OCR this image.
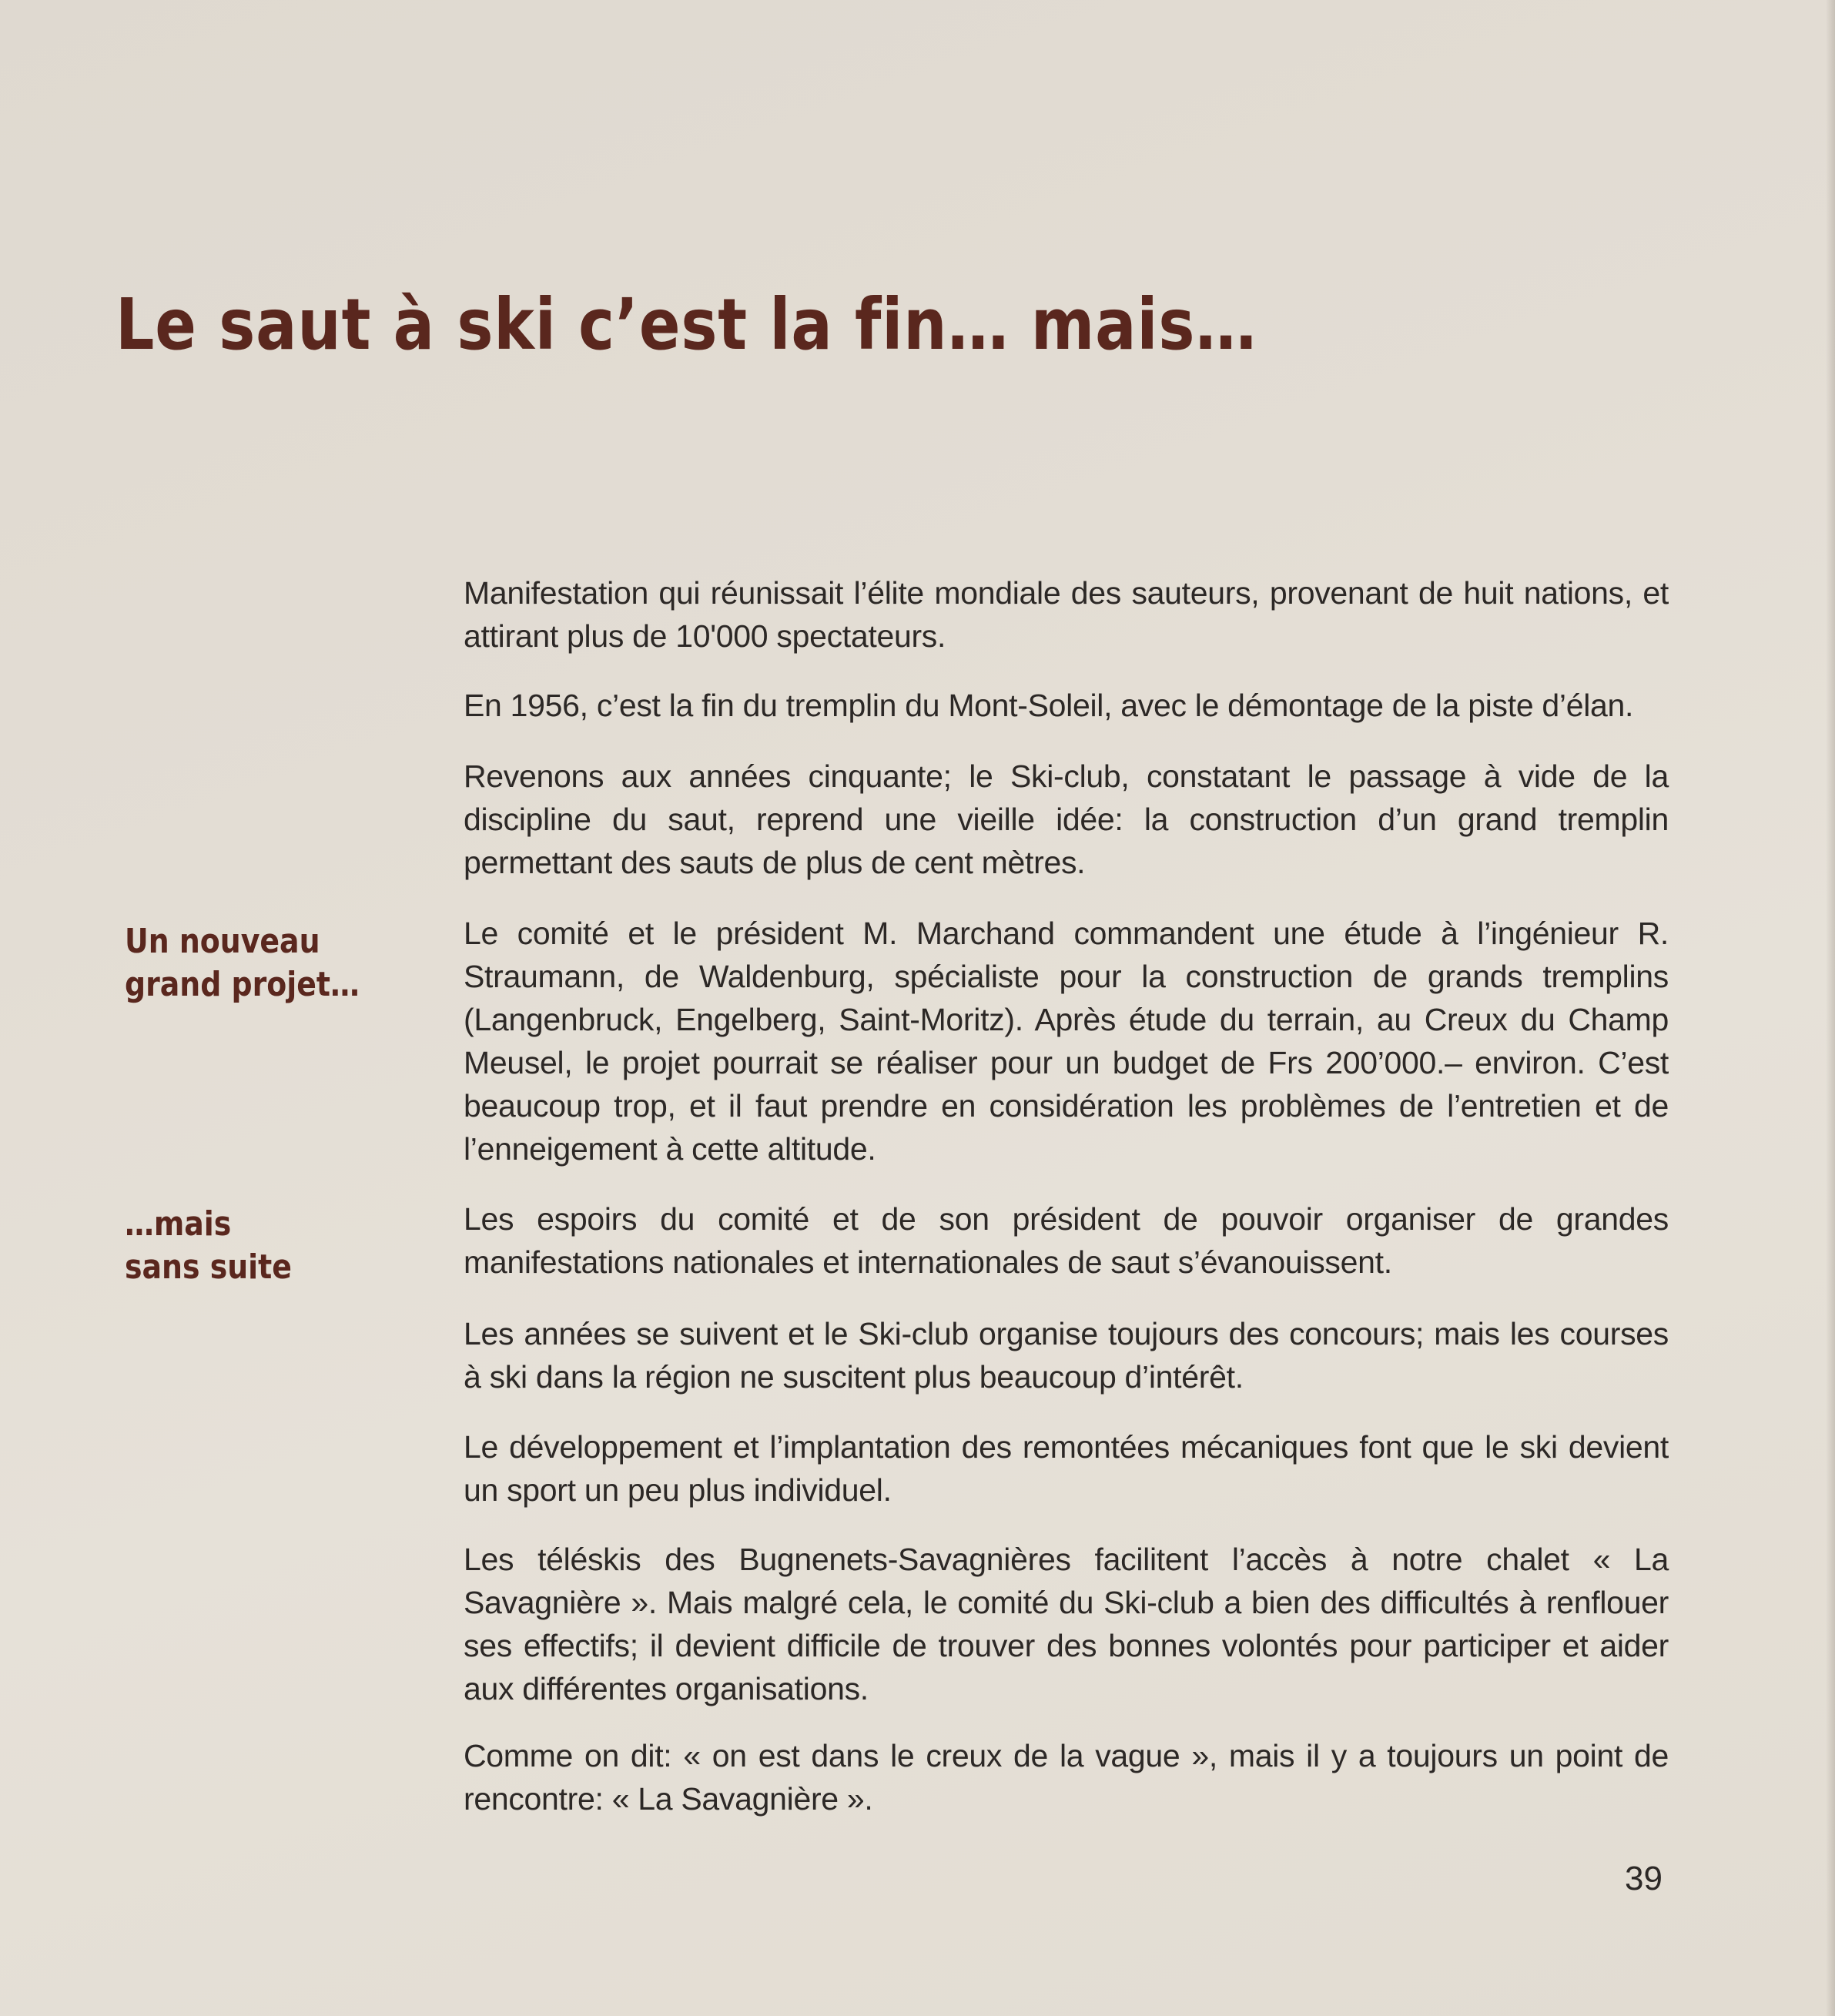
Le saut à ski c’est la fin… mais…
Un nouveau
grand projet…
…mais
sans suite

Manifestation qui réunissait l’élite mondiale des sauteurs, provenant de huit nations, et attirant plus de 10'000 spectateurs.

En 1956, c’est la fin du tremplin du Mont-Soleil, avec le démontage de la piste d’élan.

Revenons aux années cinquante; le Ski-club, constatant le passage à vide de la discipline du saut, reprend une vieille idée: la construction d’un grand tremplin permettant des sauts de plus de cent mètres.

Le comité et le président M. Marchand commandent une étude à l’ingénieur R. Straumann, de Waldenburg, spécialiste pour la construction de grands tremplins (Langenbruck, Engelberg, Saint-Moritz). Après étude du terrain, au Creux du Champ Meusel, le projet pourrait se réaliser pour un budget de Frs 200’000.– environ. C’est beaucoup trop, et il faut prendre en considération les problèmes de l’entretien et de l’enneigement à cette altitude.

Les espoirs du comité et de son président de pouvoir organiser de grandes manifestations nationales et internationales de saut s’évanouissent.

Les années se suivent et le Ski-club organise toujours des concours; mais les courses à ski dans la région ne suscitent plus beaucoup d’intérêt.

Le développement et l’implantation des remontées mécaniques font que le ski devient un sport un peu plus individuel.

Les téléskis des Bugnenets-Savagnières facilitent l’accès à notre chalet « La Savagnière ». Mais malgré cela, le comité du Ski-club a bien des difficultés à renflouer ses effectifs; il devient difficile de trouver des bonnes volontés pour participer et aider aux différentes organisations.

Comme on dit: « on est dans le creux de la vague », mais il y a toujours un point de rencontre: « La Savagnière ».

39
